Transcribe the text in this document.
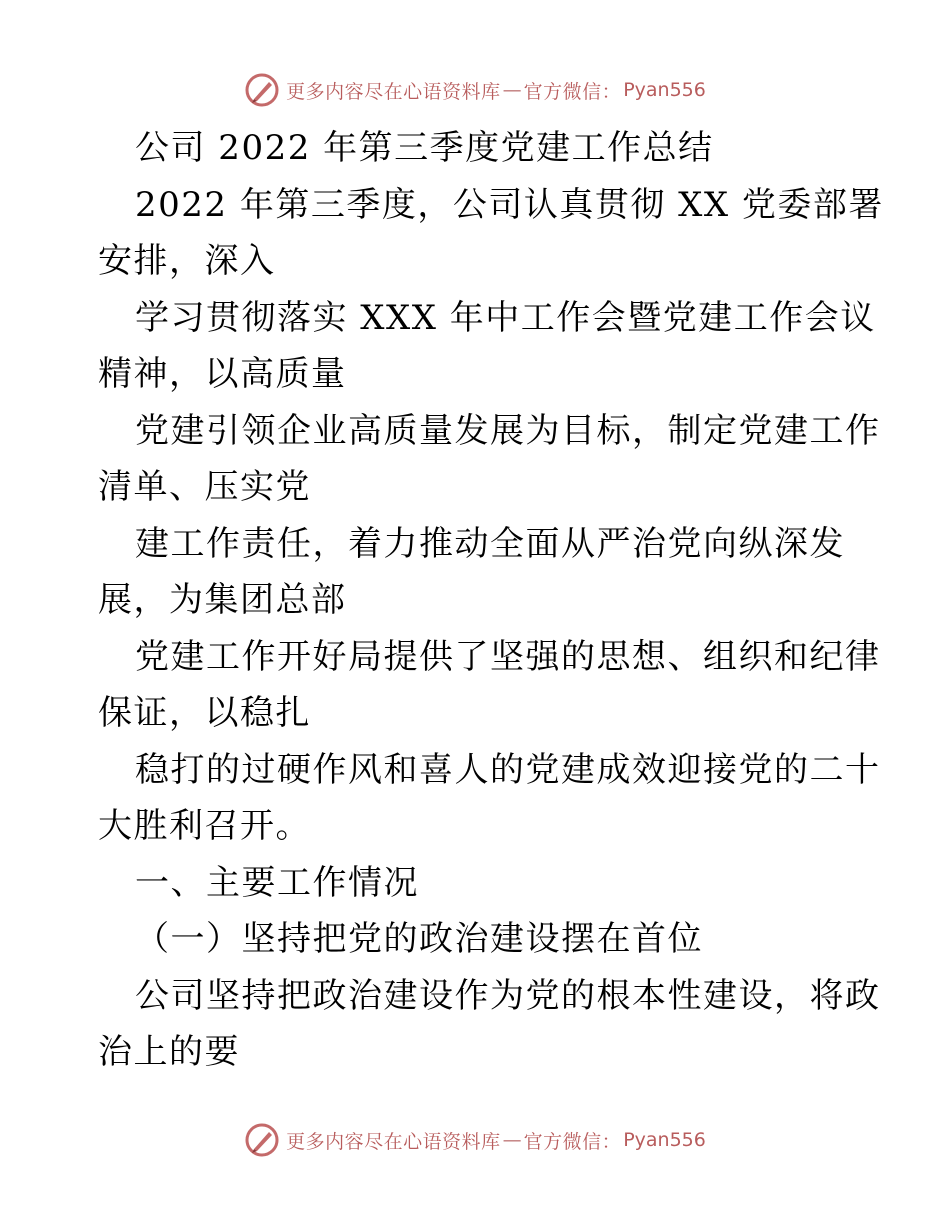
更多内容尽在心语资料库 — 官方微信： Pyan556
公司 2022 年第三季度党建工作总结
2022 年第三季度，公司认真贯彻 XX 党委部署
安排，深入
学习贯彻落实 XXX 年中工作会暨党建工作会议
精神，以高质量
党建引领企业高质量发展为目标，制定党建工作
清单、压实党
建工作责任，着力推动全面从严治党向纵深发
展，为集团总部
党建工作开好局提供了坚强的思想、组织和纪律
保证，以稳扎
稳打的过硬作风和喜人的党建成效迎接党的二十
大胜利召开。
一、主要工作情况
（一）坚持把党的政治建设摆在首位
公司坚持把政治建设作为党的根本性建设，将政
治上的要
更多内容尽在心语资料库 — 官方微信： Pyan556
